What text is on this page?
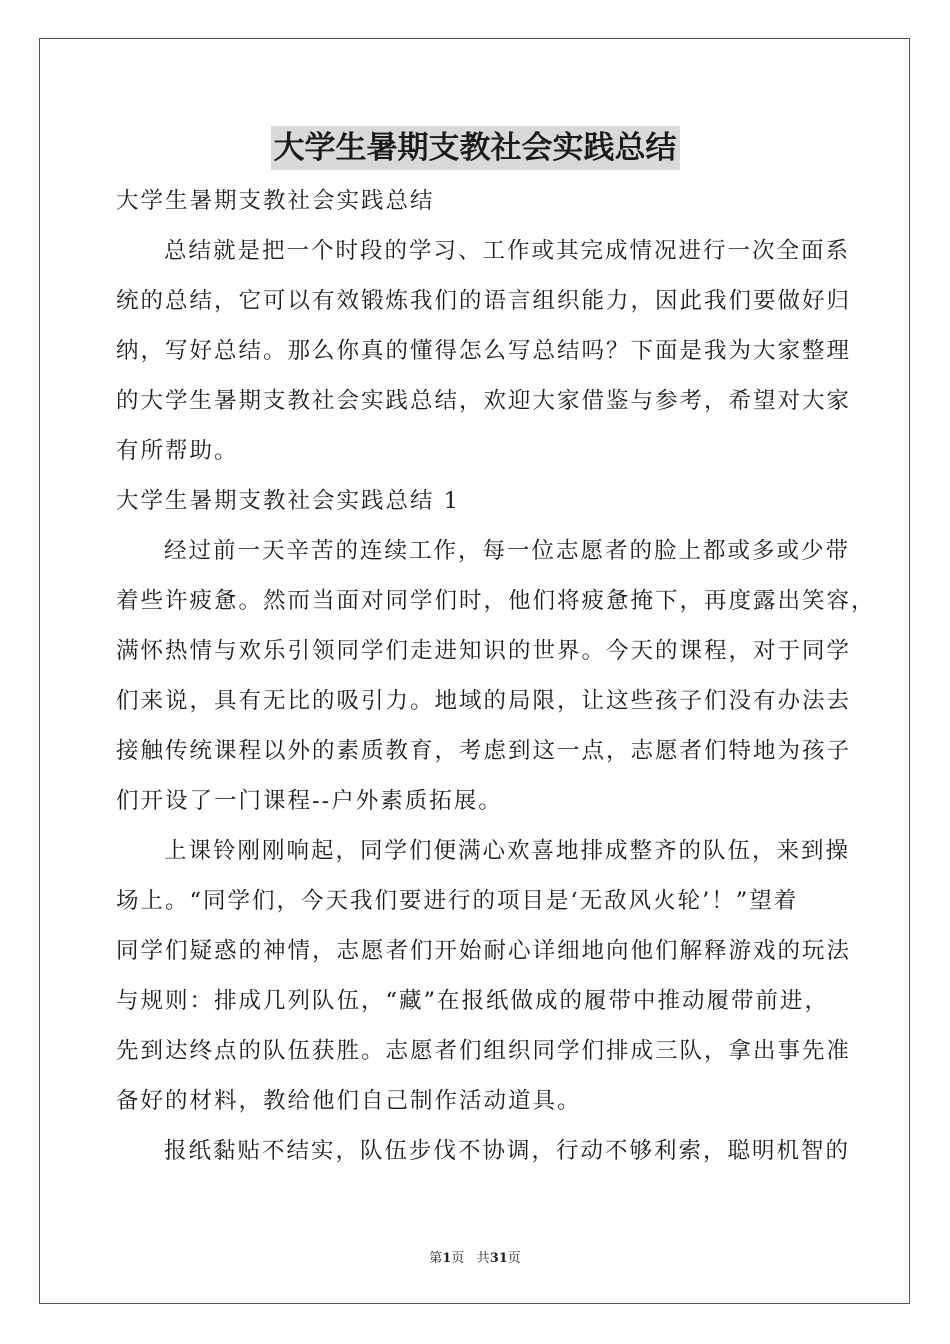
大学生暑期支教社会实践总结
大学生暑期支教社会实践总结
总结就是把一个时段的学习、工作或其完成情况进行一次全面系
统的总结，它可以有效锻炼我们的语言组织能力，因此我们要做好归
纳，写好总结。那么你真的懂得怎么写总结吗？下面是我为大家整理
的大学生暑期支教社会实践总结，欢迎大家借鉴与参考，希望对大家
有所帮助。
大学生暑期支教社会实践总结 1
经过前一天辛苦的连续工作，每一位志愿者的脸上都或多或少带
着些许疲惫。然而当面对同学们时，他们将疲惫掩下，再度露出笑容，
满怀热情与欢乐引领同学们走进知识的世界。今天的课程，对于同学
们来说，具有无比的吸引力。地域的局限，让这些孩子们没有办法去
接触传统课程以外的素质教育，考虑到这一点，志愿者们特地为孩子
们开设了一门课程--户外素质拓展。
上课铃刚刚响起，同学们便满心欢喜地排成整齐的队伍，来到操
场上。“同学们，今天我们要进行的项目是‘无敌风火轮’！”望着
同学们疑惑的神情，志愿者们开始耐心详细地向他们解释游戏的玩法
与规则：排成几列队伍，“藏”在报纸做成的履带中推动履带前进，
先到达终点的队伍获胜。志愿者们组织同学们排成三队，拿出事先准
备好的材料，教给他们自己制作活动道具。
报纸黏贴不结实，队伍步伐不协调，行动不够利索，聪明机智的
第1页 共31页
